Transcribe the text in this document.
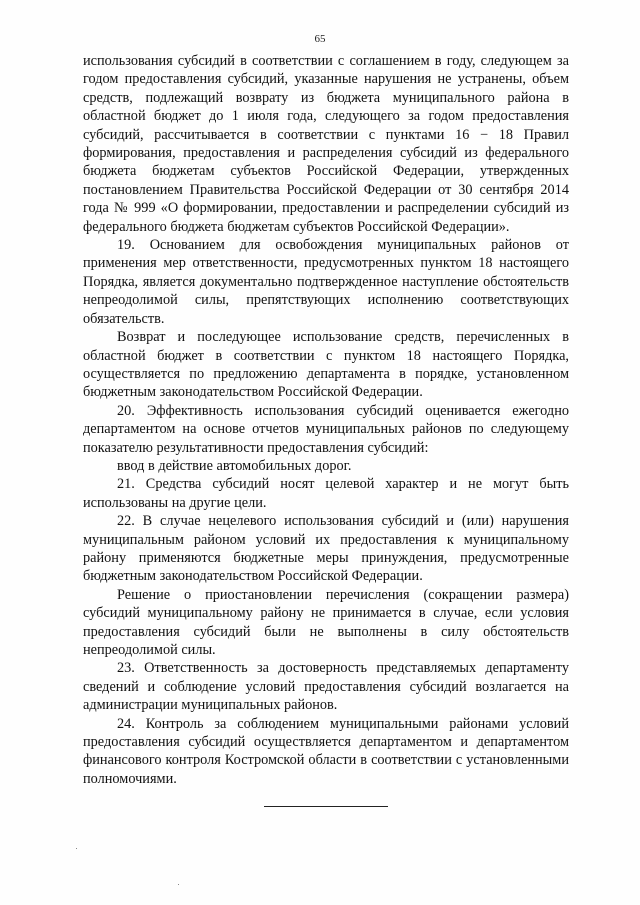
65

использования субсидий в соответствии с соглашением в году, следующем за годом предоставления субсидий, указанные нарушения не устранены, объем средств, подлежащий возврату из бюджета муниципального района в областной бюджет до 1 июля года, следующего за годом предоставления субсидий, рассчитывается в соответствии с пунктами 16 − 18 Правил формирования, предоставления и распределения субсидий из федерального бюджета бюджетам субъектов Российской Федерации, утвержденных постановлением Правительства Российской Федерации от 30 сентября 2014 года № 999 «О формировании, предоставлении и распределении субсидий из федерального бюджета бюджетам субъектов Российской Федерации».

19. Основанием для освобождения муниципальных районов от применения мер ответственности, предусмотренных пунктом 18 настоящего Порядка, является документально подтвержденное наступление обстоятельств непреодолимой силы, препятствующих исполнению соответствующих обязательств.

Возврат и последующее использование средств, перечисленных в областной бюджет в соответствии с пунктом 18 настоящего Порядка, осуществляется по предложению департамента в порядке, установленном бюджетным законодательством Российской Федерации.

20. Эффективность использования субсидий оценивается ежегодно департаментом на основе отчетов муниципальных районов по следующему показателю результативности предоставления субсидий:

ввод в действие автомобильных дорог.

21. Средства субсидий носят целевой характер и не могут быть использованы на другие цели.

22. В случае нецелевого использования субсидий и (или) нарушения муниципальным районом условий их предоставления к муниципальному району применяются бюджетные меры принуждения, предусмотренные бюджетным законодательством Российской Федерации.

Решение о приостановлении перечисления (сокращении размера) субсидий муниципальному району не принимается в случае, если условия предоставления субсидий были не выполнены в силу обстоятельств непреодолимой силы.

23. Ответственность за достоверность представляемых департаменту сведений и соблюдение условий предоставления субсидий возлагается на администрации муниципальных районов.

24. Контроль за соблюдением муниципальными районами условий предоставления субсидий осуществляется департаментом и департаментом финансового контроля Костромской области в соответствии с установленными полномочиями.
